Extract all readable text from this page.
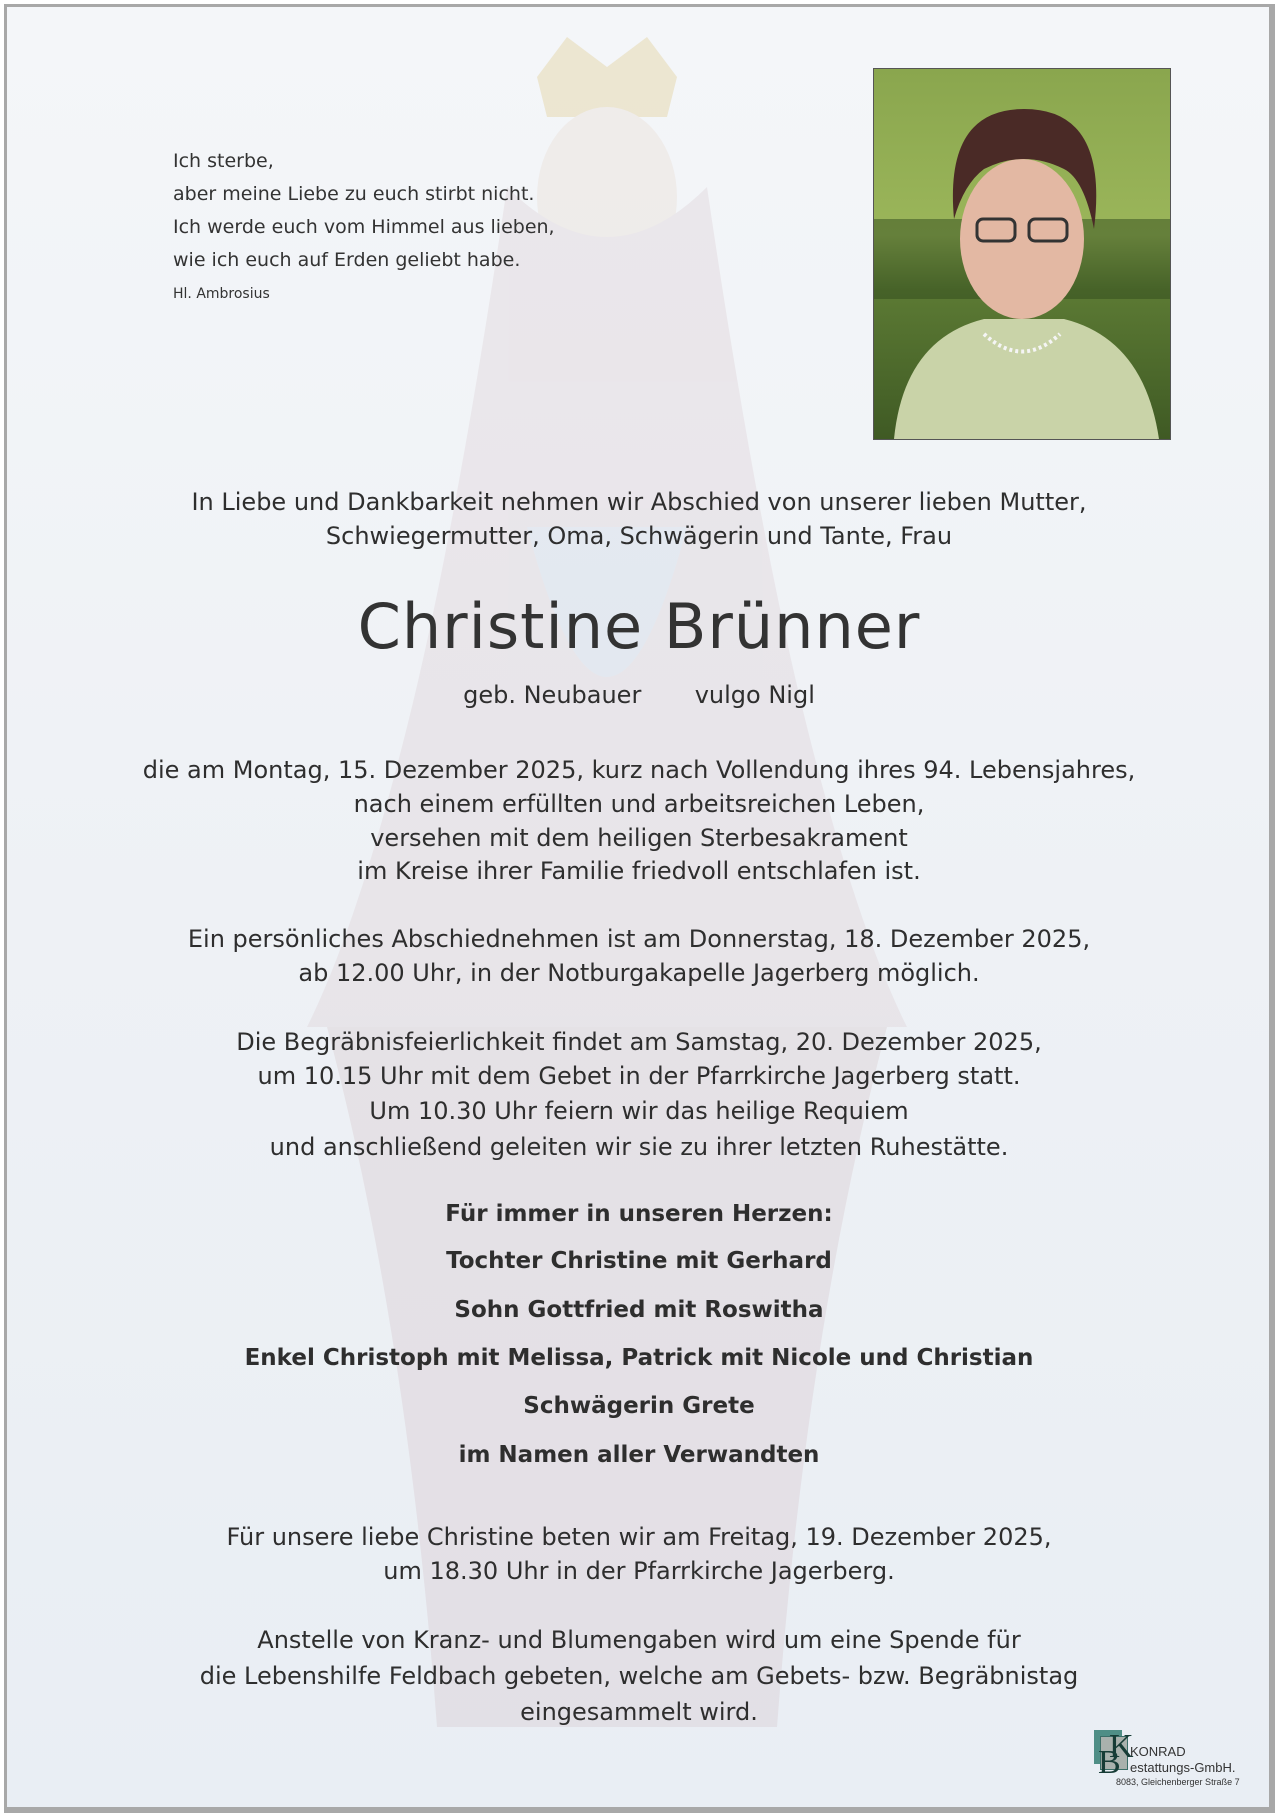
Ich sterbe,
aber meine Liebe zu euch stirbt nicht.
Ich werde euch vom Himmel aus lieben,
wie ich euch auf Erden geliebt habe.
Hl. Ambrosius
In Liebe und Dankbarkeit nehmen wir Abschied von unserer lieben Mutter,
Schwiegermutter, Oma, Schwägerin und Tante, Frau
Christine Brünner
geb. Neubauer       vulgo Nigl
die am Montag, 15. Dezember 2025, kurz nach Vollendung ihres 94. Lebensjahres,
nach einem erfüllten und arbeitsreichen Leben,
versehen mit dem heiligen Sterbesakrament
im Kreise ihrer Familie friedvoll entschlafen ist.
Ein persönliches Abschiednehmen ist am Donnerstag, 18. Dezember 2025,
ab 12.00 Uhr, in der Notburgakapelle Jagerberg möglich.
Die Begräbnisfeierlichkeit findet am Samstag, 20. Dezember 2025,
um 10.15 Uhr mit dem Gebet in der Pfarrkirche Jagerberg statt.
Um 10.30 Uhr feiern wir das heilige Requiem
und anschließend geleiten wir sie zu ihrer letzten Ruhestätte.
Für immer in unseren Herzen:
Tochter Christine mit Gerhard
Sohn Gottfried mit Roswitha
Enkel Christoph mit Melissa, Patrick mit Nicole und Christian
Schwägerin Grete
im Namen aller Verwandten
Für unsere liebe Christine beten wir am Freitag, 19. Dezember 2025,
um 18.30 Uhr in der Pfarrkirche Jagerberg.
Anstelle von Kranz- und Blumengaben wird um eine Spende für
die Lebenshilfe Feldbach gebeten, welche am Gebets- bzw. Begräbnistag
eingesammelt wird.
K
B KONRAD
estattungs-GmbH.
8083, Gleichenberger Straße 7
